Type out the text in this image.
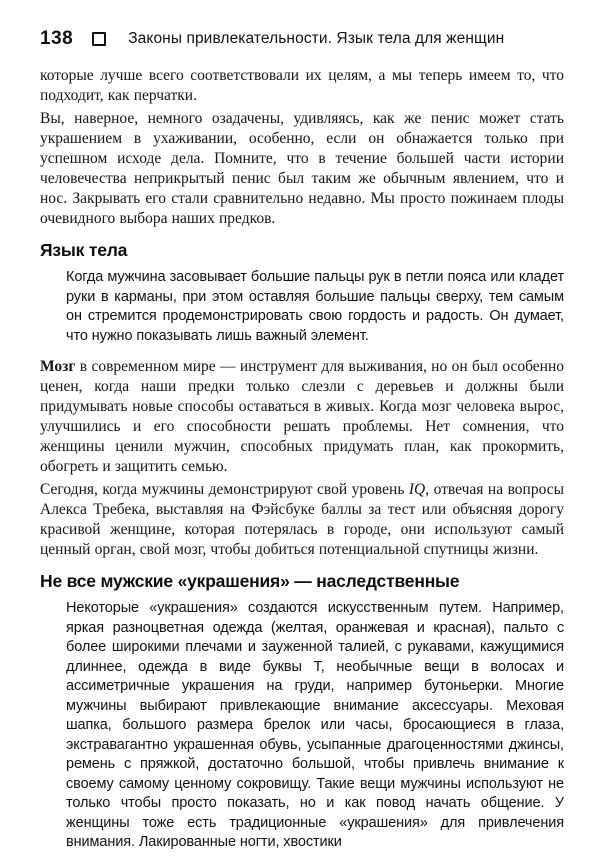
138	Законы привлекательности. Язык тела для женщин

которые лучше всего соответствовали их целям, а мы теперь имеем то, что подходит, как перчатки.

Вы, наверное, немного озадачены, удивляясь, как же пенис может стать украшением в ухаживании, особенно, если он обнажается только при успешном исходе дела. Помните, что в течение большей части истории человечества неприкрытый пенис был таким же обычным явлением, что и нос. Закрывать его стали сравнительно недавно. Мы просто пожинаем плоды очевидного выбора наших предков.

Язык тела

Когда мужчина засовывает большие пальцы рук в петли пояса или кладет руки в карманы, при этом оставляя большие пальцы сверху, тем самым он стремится продемонстрировать свою гордость и радость. Он думает, что нужно показывать лишь важный элемент.

Мозг в современном мире — инструмент для выживания, но он был особенно ценен, когда наши предки только слезли с деревьев и должны были придумывать новые способы оставаться в живых. Когда мозг человека вырос, улучшились и его способности решать проблемы. Нет сомнения, что женщины ценили мужчин, способных придумать план, как прокормить, обогреть и защитить семью.

Сегодня, когда мужчины демонстрируют свой уровень IQ, отвечая на вопросы Алекса Требека, выставляя на Фэйсбуке баллы за тест или объясняя дорогу красивой женщине, которая потерялась в городе, они используют самый ценный орган, свой мозг, чтобы добиться потенциальной спутницы жизни.

Не все мужские «украшения» — наследственные

Некоторые «украшения» создаются искусственным путем. Например, яркая разноцветная одежда (желтая, оранжевая и красная), пальто с более широкими плечами и зауженной талией, с рукавами, кажущимися длиннее, одежда в виде буквы Т, необычные вещи в волосах и ассиметричные украшения на груди, например бутоньерки. Многие мужчины выбирают привлекающие внимание аксессуары. Меховая шапка, большого размера брелок или часы, бросающиеся в глаза, экстравагантно украшенная обувь, усыпанные драгоценностями джинсы, ремень с пряжкой, достаточно большой, чтобы привлечь внимание к своему самому ценному сокровищу. Такие вещи мужчины используют не только чтобы просто показать, но и как повод начать общение. У женщины тоже есть традиционные «украшения» для привлечения внимания. Лакированные ногти, хвостики
